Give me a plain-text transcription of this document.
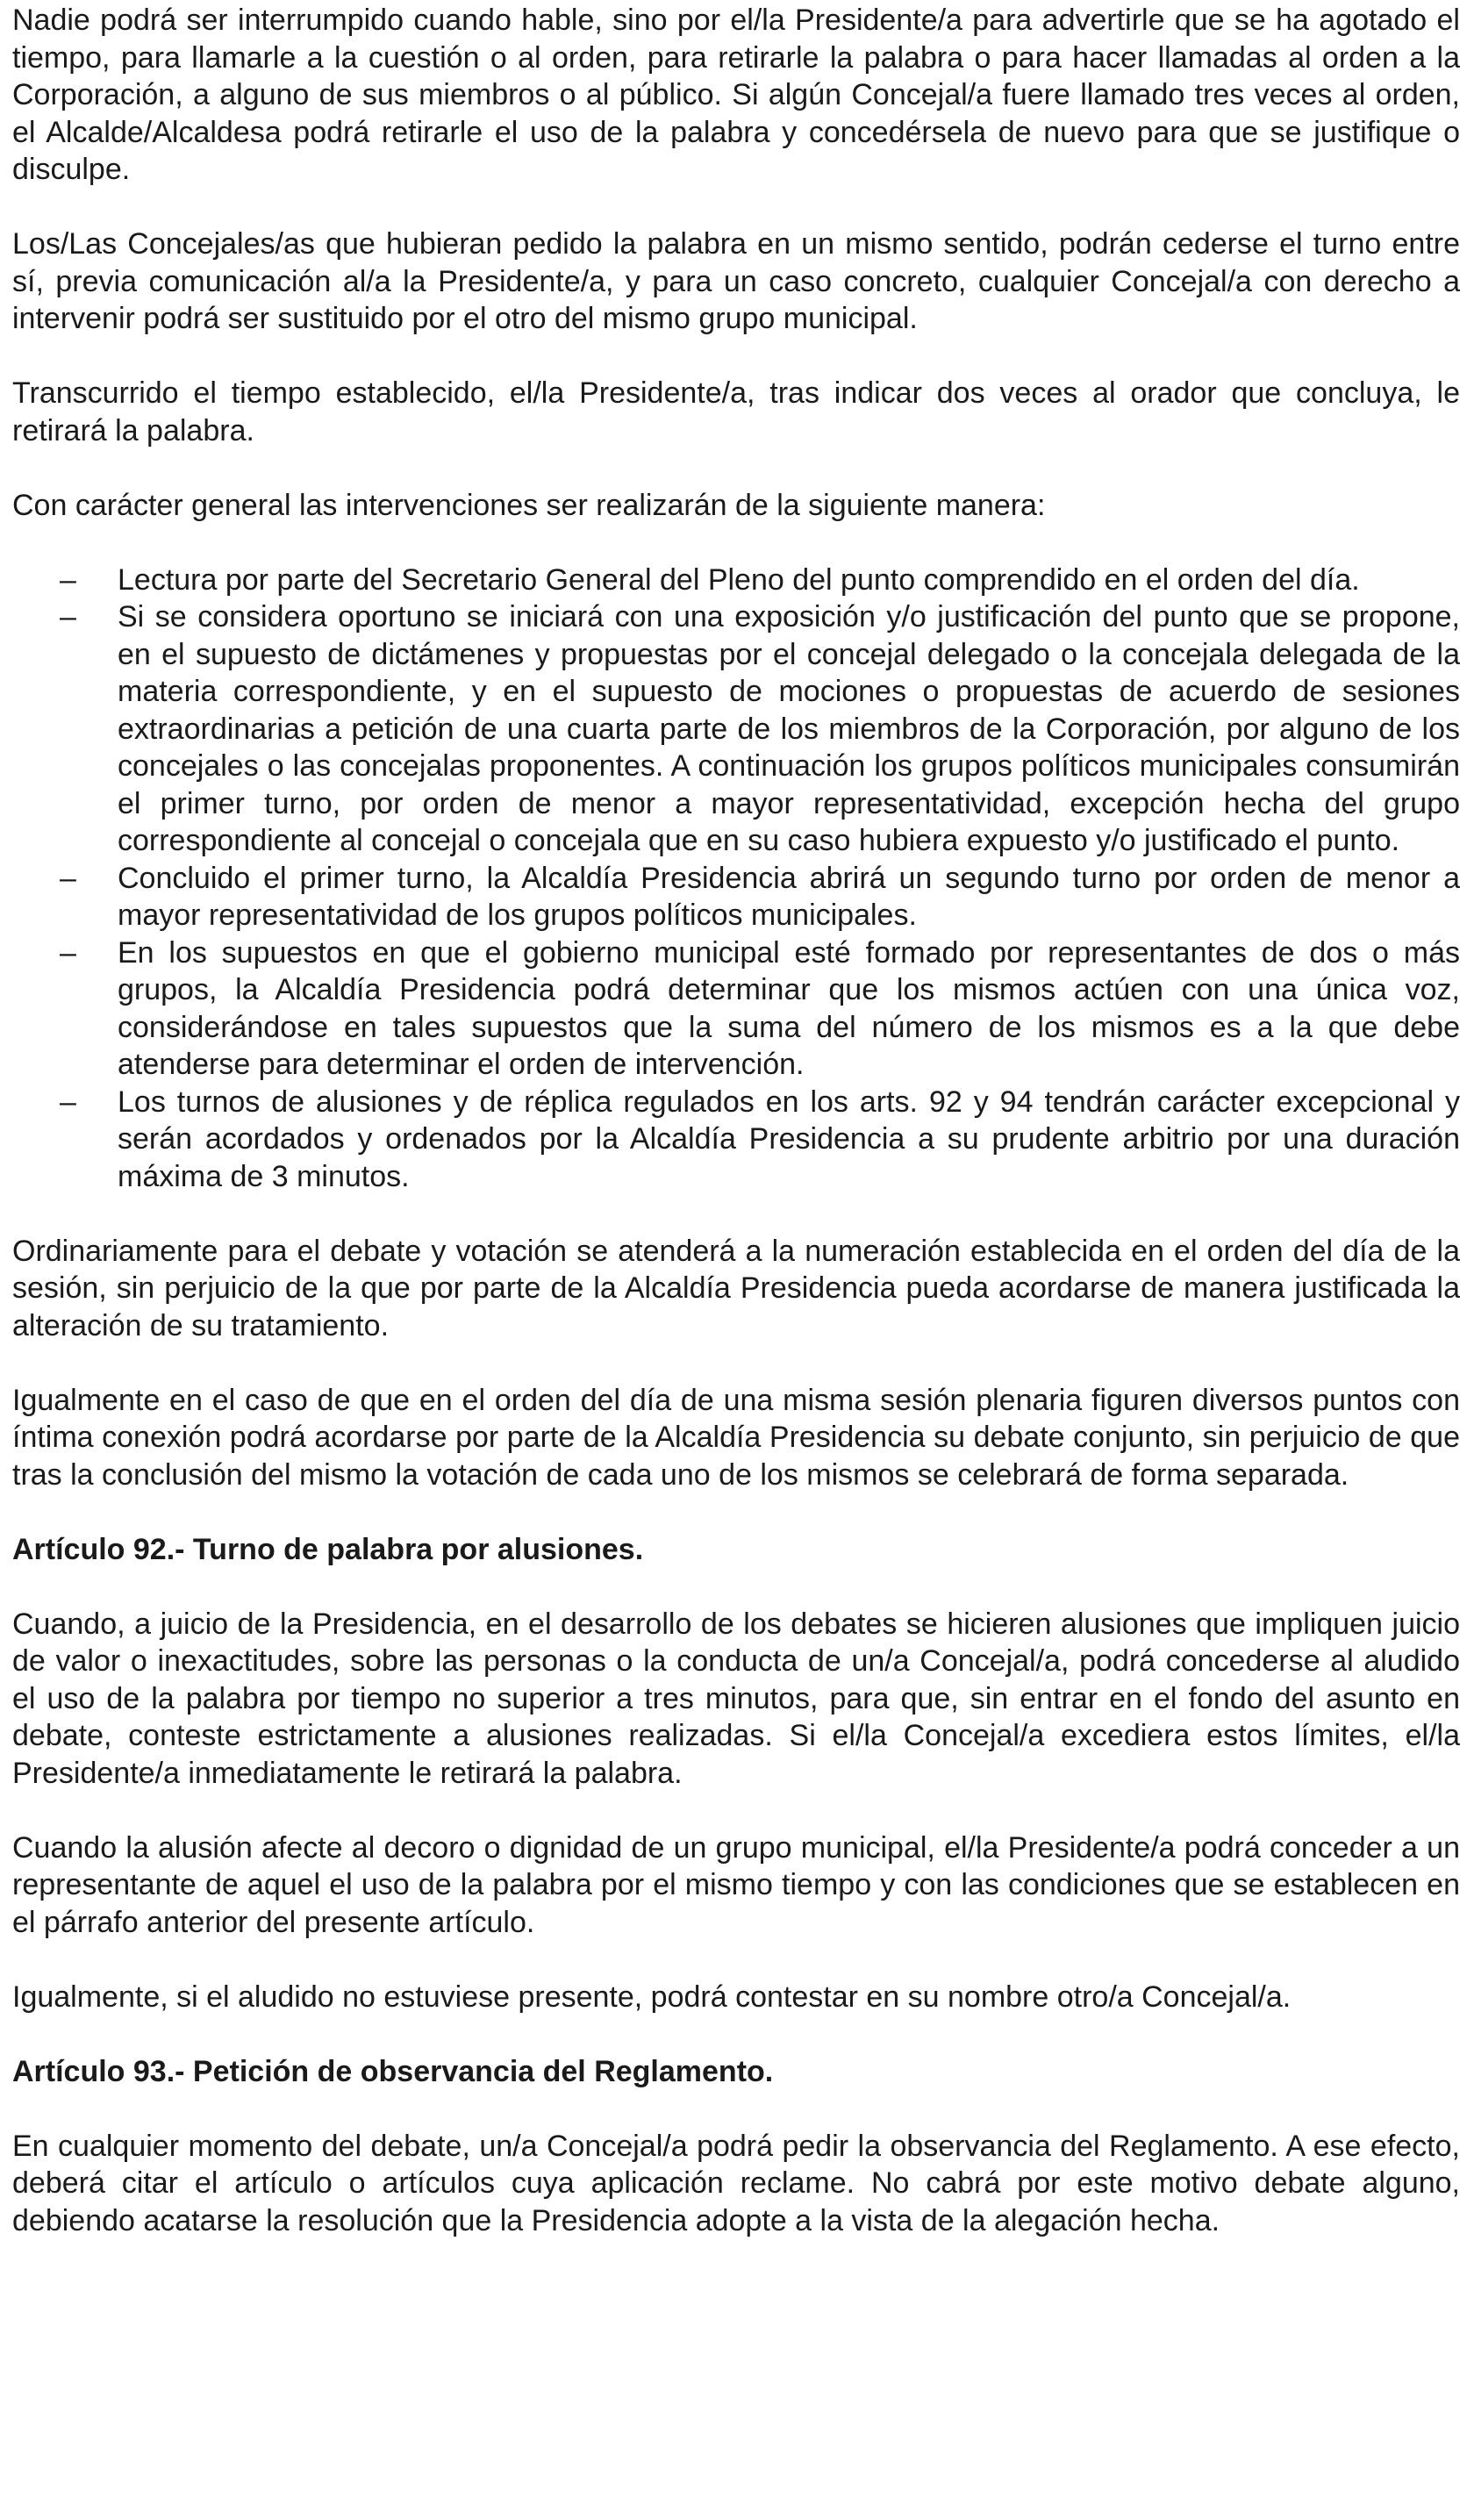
Nadie podrá ser interrumpido cuando hable, sino por el/la Presidente/a para advertirle que se ha agotado el tiempo, para llamarle a la cuestión o al orden, para retirarle la palabra o para hacer llamadas al orden a la Corporación, a alguno de sus miembros o al público. Si algún Concejal/a fuere llamado tres veces al orden, el Alcalde/Alcaldesa podrá retirarle el uso de la palabra y concedérsela de nuevo para que se justifique o disculpe.

Los/Las Concejales/as que hubieran pedido la palabra en un mismo sentido, podrán cederse el turno entre sí, previa comunicación al/a la Presidente/a, y para un caso concreto, cualquier Concejal/a con derecho a intervenir podrá ser sustituido por el otro del mismo grupo municipal.

Transcurrido el tiempo establecido, el/la Presidente/a, tras indicar dos veces al orador que concluya, le retirará la palabra.

Con carácter general las intervenciones ser realizarán de la siguiente manera:

– Lectura por parte del Secretario General del Pleno del punto comprendido en el orden del día.
– Si se considera oportuno se iniciará con una exposición y/o justificación del punto que se propone, en el supuesto de dictámenes y propuestas por el concejal delegado o la concejala delegada de la materia correspondiente, y en el supuesto de mociones o propuestas de acuerdo de sesiones extraordinarias a petición de una cuarta parte de los miembros de la Corporación, por alguno de los concejales o las concejalas proponentes. A continuación los grupos políticos municipales consumirán el primer turno, por orden de menor a mayor representatividad, excepción hecha del grupo correspondiente al concejal o concejala que en su caso hubiera expuesto y/o justificado el punto.
– Concluido el primer turno, la Alcaldía Presidencia abrirá un segundo turno por orden de menor a mayor representatividad de los grupos políticos municipales.
– En los supuestos en que el gobierno municipal esté formado por representantes de dos o más grupos, la Alcaldía Presidencia podrá determinar que los mismos actúen con una única voz, considerándose en tales supuestos que la suma del número de los mismos es a la que debe atenderse para determinar el orden de intervención.
– Los turnos de alusiones y de réplica regulados en los arts. 92 y 94 tendrán carácter excepcional y serán acordados y ordenados por la Alcaldía Presidencia a su prudente arbitrio por una duración máxima de 3 minutos.

Ordinariamente para el debate y votación se atenderá a la numeración establecida en el orden del día de la sesión, sin perjuicio de la que por parte de la Alcaldía Presidencia pueda acordarse de manera justificada la alteración de su tratamiento.

Igualmente en el caso de que en el orden del día de una misma sesión plenaria figuren diversos puntos con íntima conexión podrá acordarse por parte de la Alcaldía Presidencia su debate conjunto, sin perjuicio de que tras la conclusión del mismo la votación de cada uno de los mismos se celebrará de forma separada.

Artículo 92.- Turno de palabra por alusiones.

Cuando, a juicio de la Presidencia, en el desarrollo de los debates se hicieren alusiones que impliquen juicio de valor o inexactitudes, sobre las personas o la conducta de un/a Concejal/a, podrá concederse al aludido el uso de la palabra por tiempo no superior a tres minutos, para que, sin entrar en el fondo del asunto en debate, conteste estrictamente a alusiones realizadas. Si el/la Concejal/a excediera estos límites, el/la Presidente/a inmediatamente le retirará la palabra.

Cuando la alusión afecte al decoro o dignidad de un grupo municipal, el/la Presidente/a podrá conceder a un representante de aquel el uso de la palabra por el mismo tiempo y con las condiciones que se establecen en el párrafo anterior del presente artículo.

Igualmente, si el aludido no estuviese presente, podrá contestar en su nombre otro/a Concejal/a.

Artículo 93.- Petición de observancia del Reglamento.

En cualquier momento del debate, un/a Concejal/a podrá pedir la observancia del Reglamento. A ese efecto, deberá citar el artículo o artículos cuya aplicación reclame. No cabrá por este motivo debate alguno, debiendo acatarse la resolución que la Presidencia adopte a la vista de la alegación hecha.
